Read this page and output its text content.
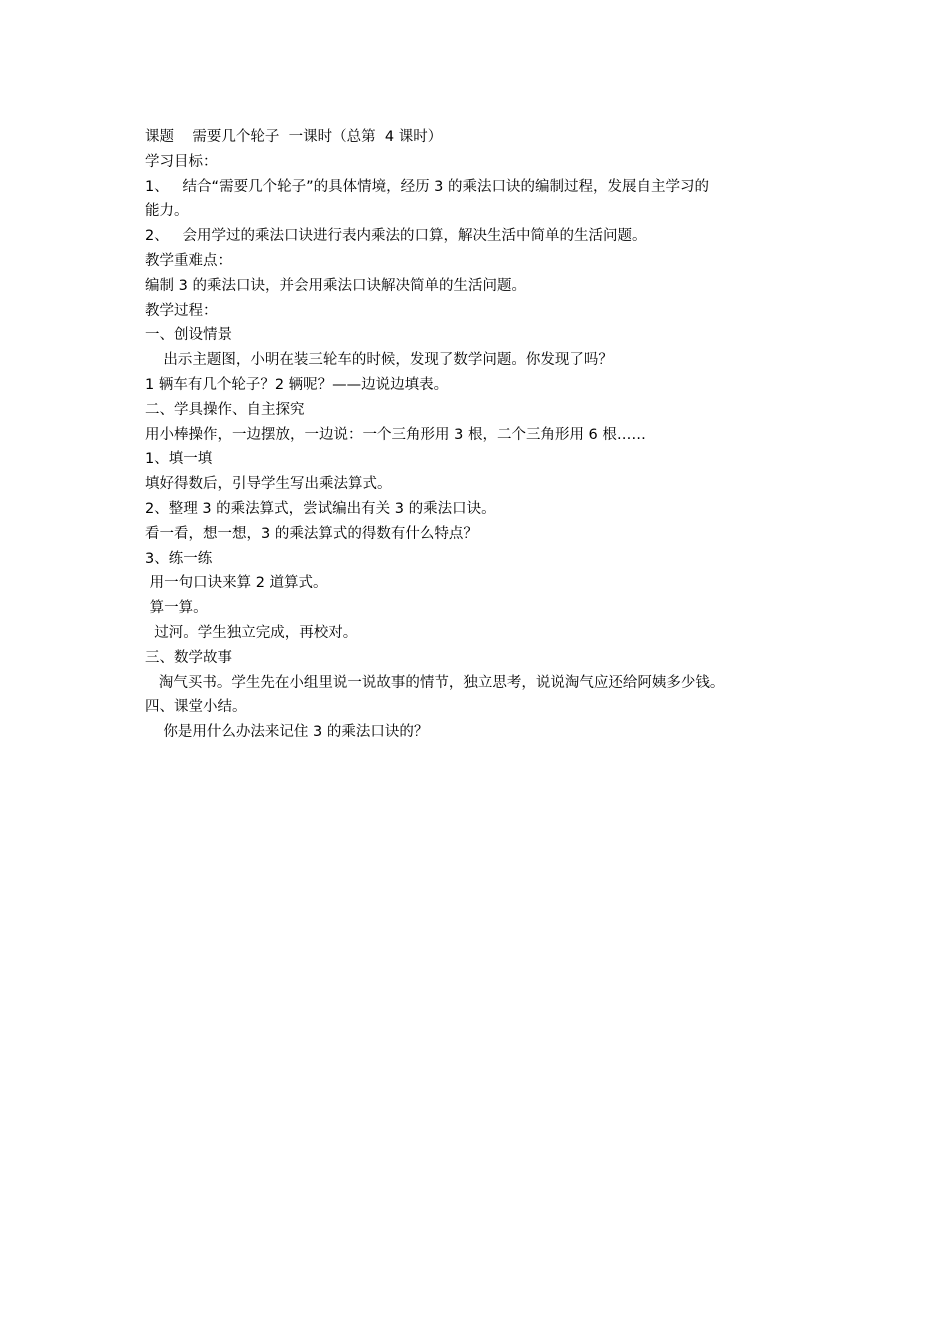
课题    需要几个轮子  一课时（总第  4 课时）

学习目标：

1、   结合“需要几个轮子”的具体情境，经历 3 的乘法口诀的编制过程，发展自主学习的

能力。

2、   会用学过的乘法口诀进行表内乘法的口算，解决生活中简单的生活问题。

教学重难点：

编制 3 的乘法口诀，并会用乘法口诀解决简单的生活问题。

教学过程：

一、创设情景

出示主题图，小明在装三轮车的时候，发现了数学问题。你发现了吗？

1 辆车有几个轮子？2 辆呢？——边说边填表。

二、学具操作、自主探究

用小棒操作，一边摆放，一边说：一个三角形用 3 根，二个三角形用 6 根……

1、填一填

填好得数后，引导学生写出乘法算式。

2、整理 3 的乘法算式，尝试编出有关 3 的乘法口诀。

看一看，想一想，3 的乘法算式的得数有什么特点？

3、练一练

用一句口诀来算 2 道算式。

算一算。

过河。学生独立完成，再校对。

三、数学故事

淘气买书。学生先在小组里说一说故事的情节，独立思考，说说淘气应还给阿姨多少钱。

四、课堂小结。

你是用什么办法来记住 3 的乘法口诀的？
